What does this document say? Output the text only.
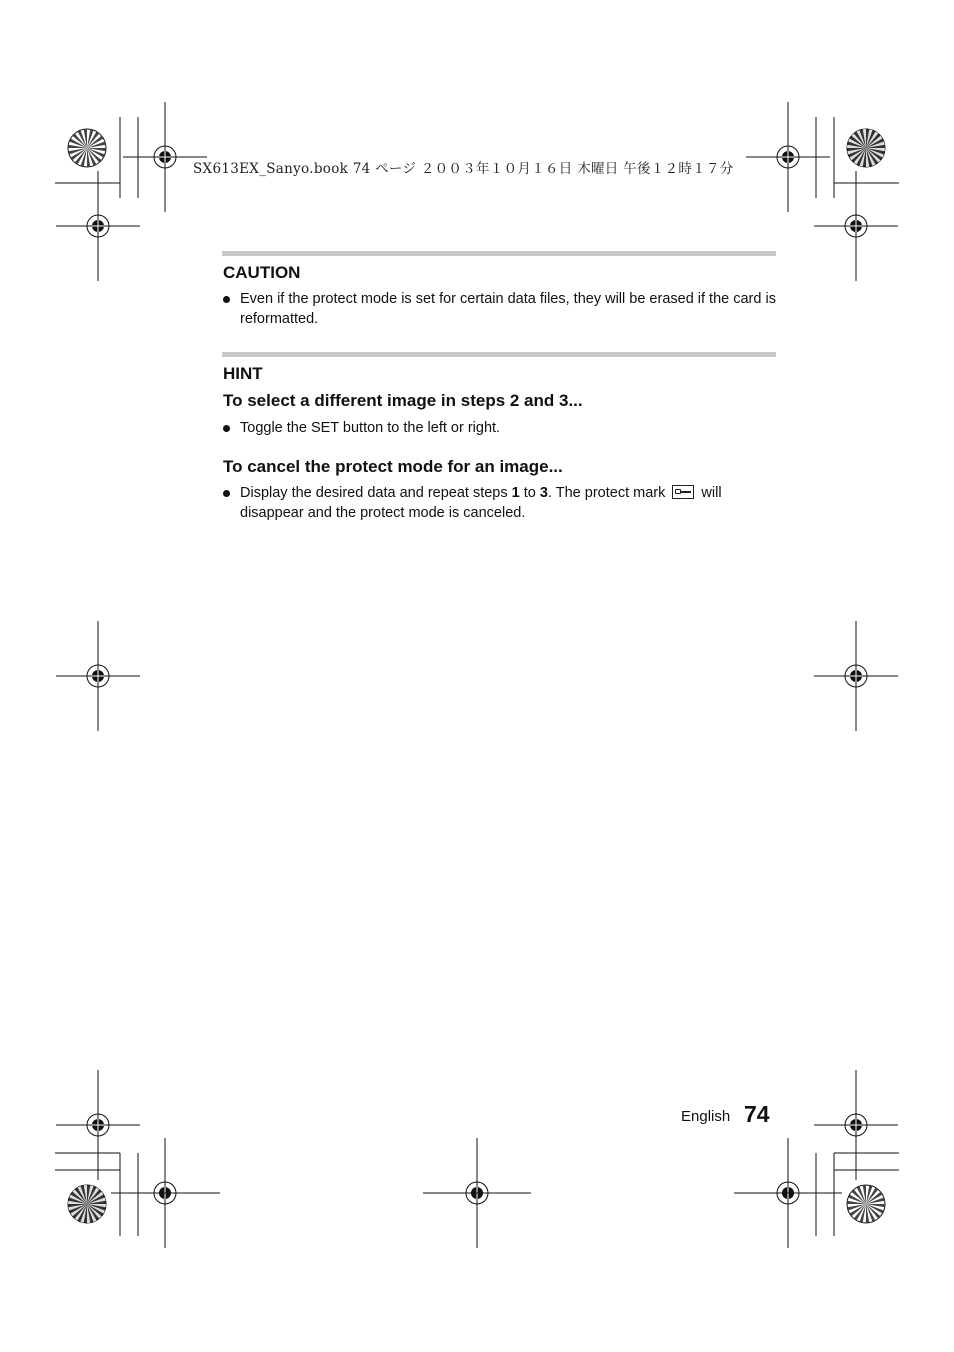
SX613EX_Sanyo.book 74 ページ ２００３年１０月１６日 木曜日 午後１２時１７分
CAUTION
Even if the protect mode is set for certain data files, they will be erased if the card is reformatted.
HINT
To select a different image in steps 2 and 3...
Toggle the SET button to the left or right.
To cancel the protect mode for an image...
Display the desired data and repeat steps 1 to 3. The protect mark  will disappear and the protect mode is canceled.
English 74
